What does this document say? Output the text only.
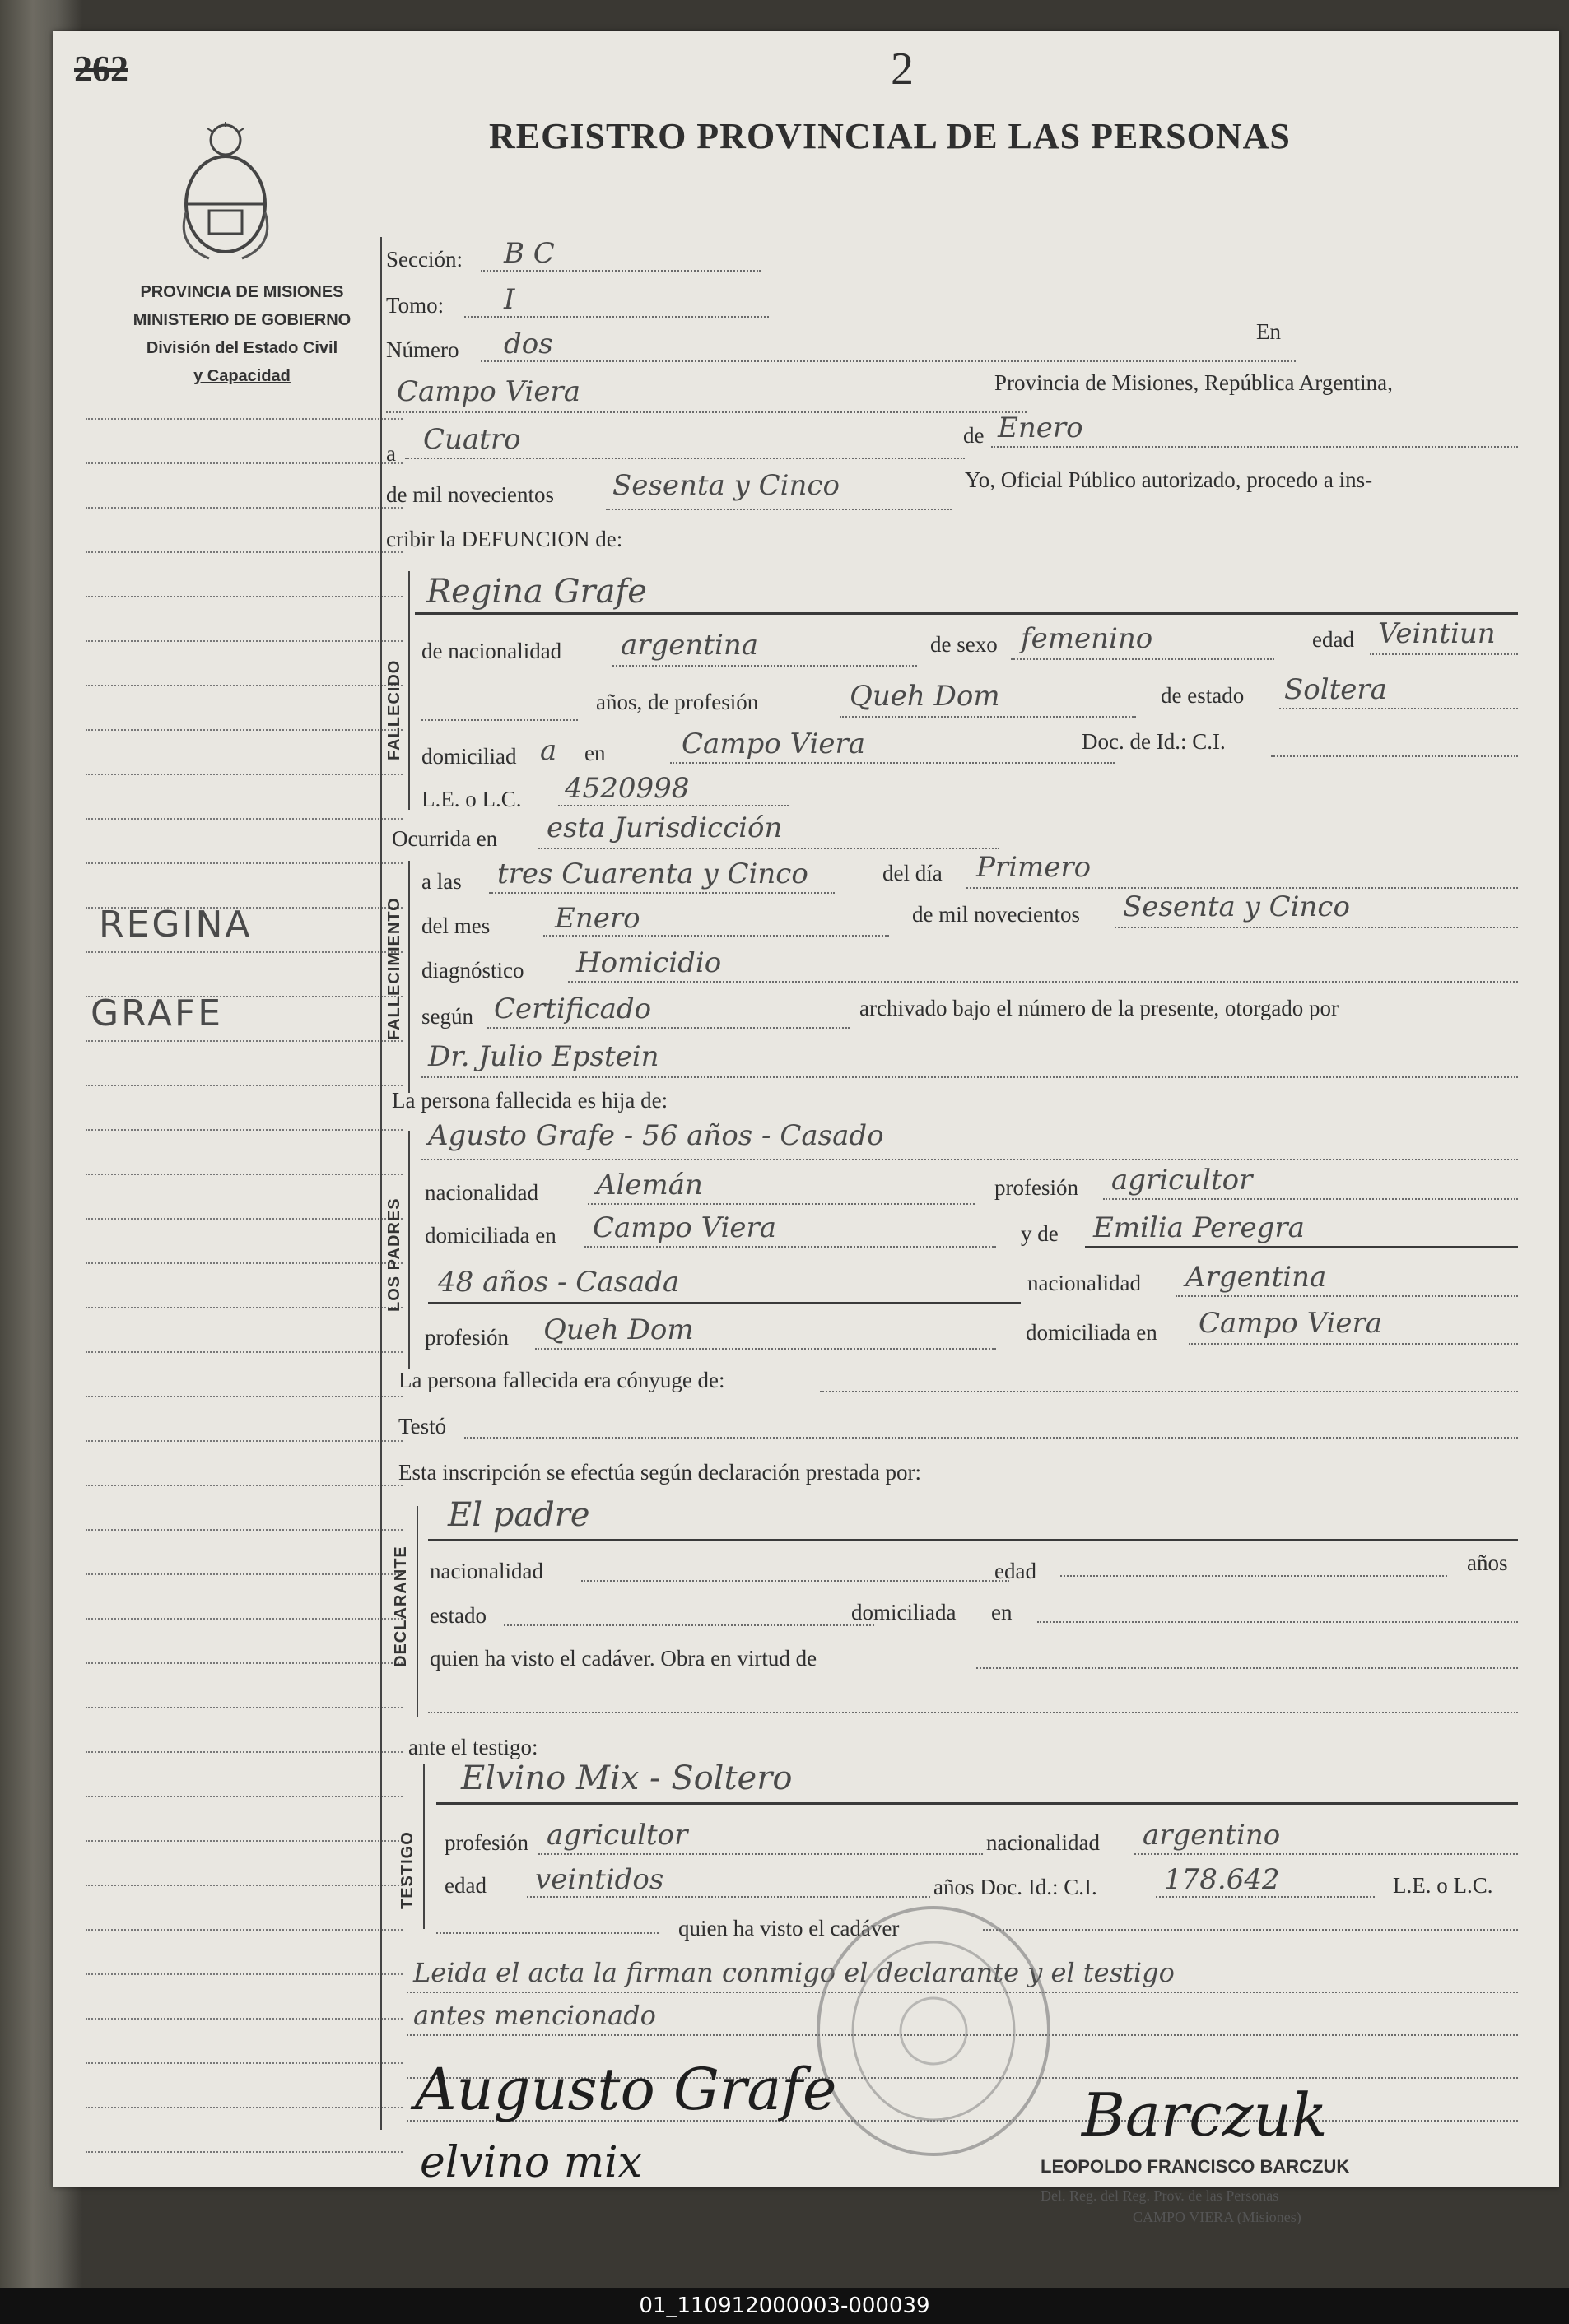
262	2
REGISTRO PROVINCIAL DE LAS PERSONAS
PROVINCIA DE MISIONES
MINISTERIO DE GOBIERNO
División del Estado Civil
y Capacidad
REGINA
GRAFE
Sección: B C
Tomo: I
Número dos	En
Campo Viera	Provincia de Misiones, República Argentina,
a Cuatro	de Enero
de mil novecientos Sesenta y Cinco	Yo, Oficial Público autorizado, procedo a ins-
cribir la DEFUNCION de:
FALLECIDO
Regina Grafe
de nacionalidad argentina	de sexo femenino	edad Veintiun
años, de profesión	Queh Dom	de estado Soltera
domiciliad a en	Campo Viera	Doc. de Id.: C.I.
L.E. o L.C. 4520998
Ocurrida en esta Jurisdicción
FALLECIMIENTO
a las tres Cuarenta y Cinco	del día Primero
del mes Enero	de mil novecientos Sesenta y Cinco
diagnóstico Homicidio
según Certificado	archivado bajo el número de la presente, otorgado por
Dr. Julio Epstein
La persona fallecida es hija de:
LOS PADRES
Agusto Grafe - 56 años - Casado
nacionalidad Alemán	profesión agricultor
domiciliada en Campo Viera	y de Emilia Peregra
48 años - Casada	nacionalidad Argentina
profesión Queh Dom	domiciliada en Campo Viera
La persona fallecida era cónyuge de:
Testó
Esta inscripción se efectúa según declaración prestada por:
DECLARANTE
El padre
nacionalidad	edad	años
estado	domiciliada en
quien ha visto el cadáver. Obra en virtud de
ante el testigo:
TESTIGO
Elvino Mix - Soltero
profesión agricultor	nacionalidad argentino
edad veintidos	años Doc. Id.: C.I. 178.642	L.E. o L.C.
quien ha visto el cadáver
Leida el acta la firman conmigo el declarante y el testigo
antes mencionado
Augusto Grafe
elvino mix
Barczuk
LEOPOLDO FRANCISCO BARCZUK
Del. Reg. del Reg. Prov. de las Personas
CAMPO VIERA (Misiones)
01_110912000003-000039
